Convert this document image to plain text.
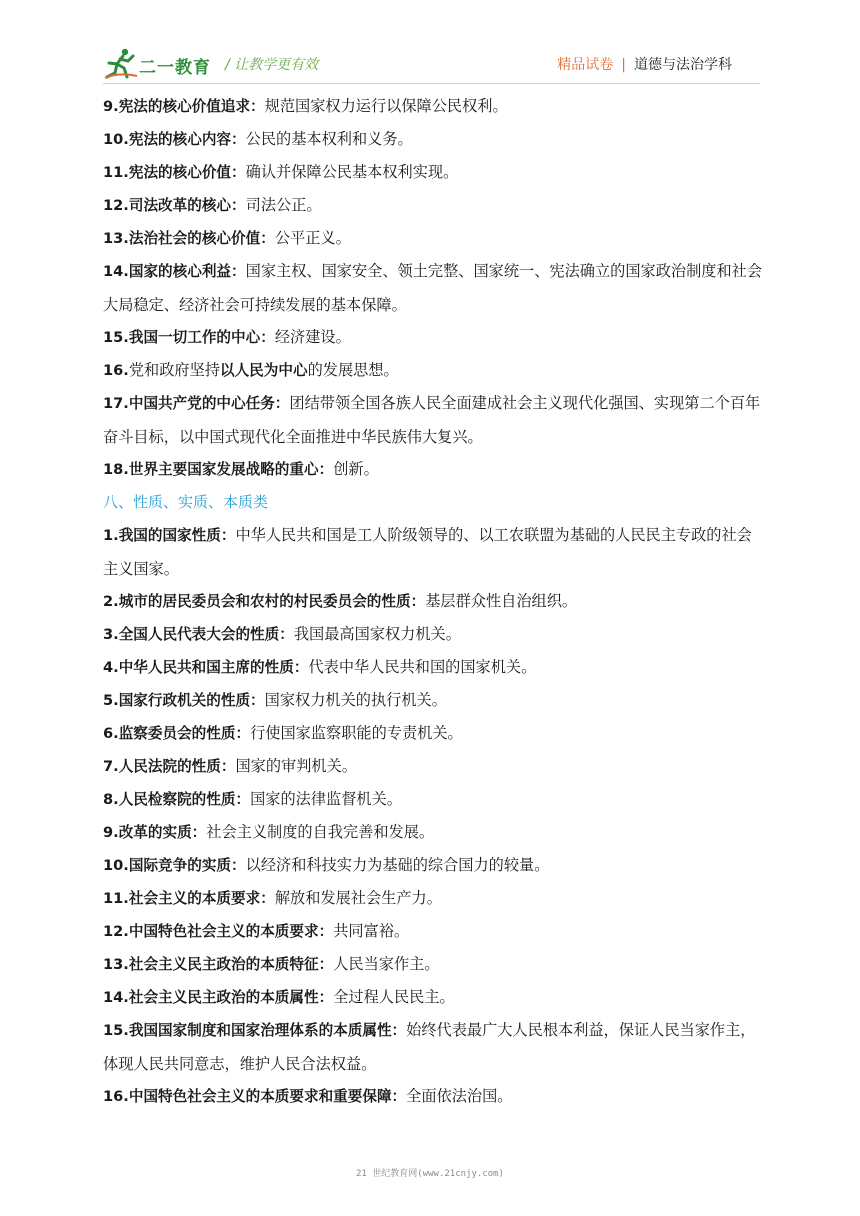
二一教育 / 让教学更有效	精品试卷 | 道德与法治学科

9.宪法的核心价值追求：规范国家权力运行以保障公民权利。

10.宪法的核心内容：公民的基本权利和义务。

11.宪法的核心价值：确认并保障公民基本权利实现。

12.司法改革的核心：司法公正。

13.法治社会的核心价值：公平正义。

14.国家的核心利益：国家主权、国家安全、领土完整、国家统一、宪法确立的国家政治制度和社会大局稳定、经济社会可持续发展的基本保障。

15.我国一切工作的中心：经济建设。

16.党和政府坚持以人民为中心的发展思想。

17.中国共产党的中心任务：团结带领全国各族人民全面建成社会主义现代化强国、实现第二个百年奋斗目标，以中国式现代化全面推进中华民族伟大复兴。

18.世界主要国家发展战略的重心：创新。

八、性质、实质、本质类

1.我国的国家性质：中华人民共和国是工人阶级领导的、以工农联盟为基础的人民民主专政的社会主义国家。

2.城市的居民委员会和农村的村民委员会的性质：基层群众性自治组织。

3.全国人民代表大会的性质：我国最高国家权力机关。

4.中华人民共和国主席的性质：代表中华人民共和国的国家机关。

5.国家行政机关的性质：国家权力机关的执行机关。

6.监察委员会的性质：行使国家监察职能的专责机关。

7.人民法院的性质：国家的审判机关。

8.人民检察院的性质：国家的法律监督机关。

9.改革的实质：社会主义制度的自我完善和发展。

10.国际竞争的实质：以经济和科技实力为基础的综合国力的较量。

11.社会主义的本质要求：解放和发展社会生产力。

12.中国特色社会主义的本质要求：共同富裕。

13.社会主义民主政治的本质特征：人民当家作主。

14.社会主义民主政治的本质属性：全过程人民民主。

15.我国国家制度和国家治理体系的本质属性：始终代表最广大人民根本利益，保证人民当家作主，体现人民共同意志，维护人民合法权益。

16.中国特色社会主义的本质要求和重要保障：全面依法治国。

21 世纪教育网(www.21cnjy.com)
